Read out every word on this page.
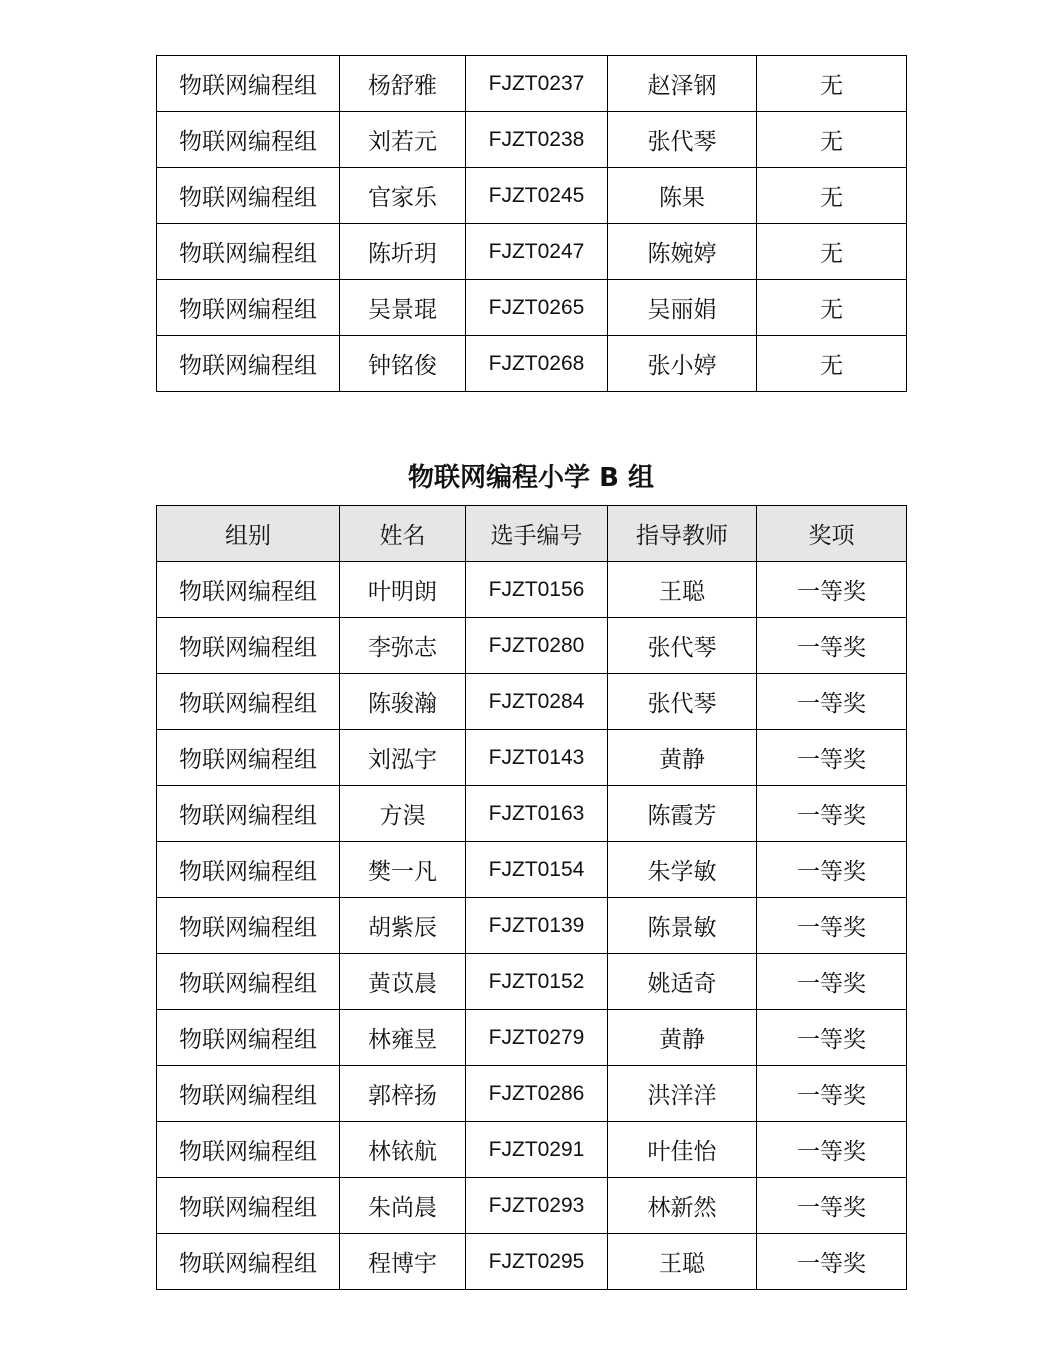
物联网编程组	杨舒雅	FJZT0237	赵泽钢	无
物联网编程组	刘若元	FJZT0238	张代琴	无
物联网编程组	官家乐	FJZT0245	陈果	无
物联网编程组	陈圻玥	FJZT0247	陈婉婷	无
物联网编程组	吴景琨	FJZT0265	吴丽娟	无
物联网编程组	钟铭俊	FJZT0268	张小婷	无
物联网编程小学 B 组
组别	姓名	选手编号	指导教师	奖项
物联网编程组	叶明朗	FJZT0156	王聪	一等奖
物联网编程组	李弥志	FJZT0280	张代琴	一等奖
物联网编程组	陈骏瀚	FJZT0284	张代琴	一等奖
物联网编程组	刘泓宇	FJZT0143	黄静	一等奖
物联网编程组	方淏	FJZT0163	陈霞芳	一等奖
物联网编程组	樊一凡	FJZT0154	朱学敏	一等奖
物联网编程组	胡紫辰	FJZT0139	陈景敏	一等奖
物联网编程组	黄苡晨	FJZT0152	姚适奇	一等奖
物联网编程组	林雍昱	FJZT0279	黄静	一等奖
物联网编程组	郭梓扬	FJZT0286	洪洋洋	一等奖
物联网编程组	林铱航	FJZT0291	叶佳怡	一等奖
物联网编程组	朱尚晨	FJZT0293	林新然	一等奖
物联网编程组	程博宇	FJZT0295	王聪	一等奖
